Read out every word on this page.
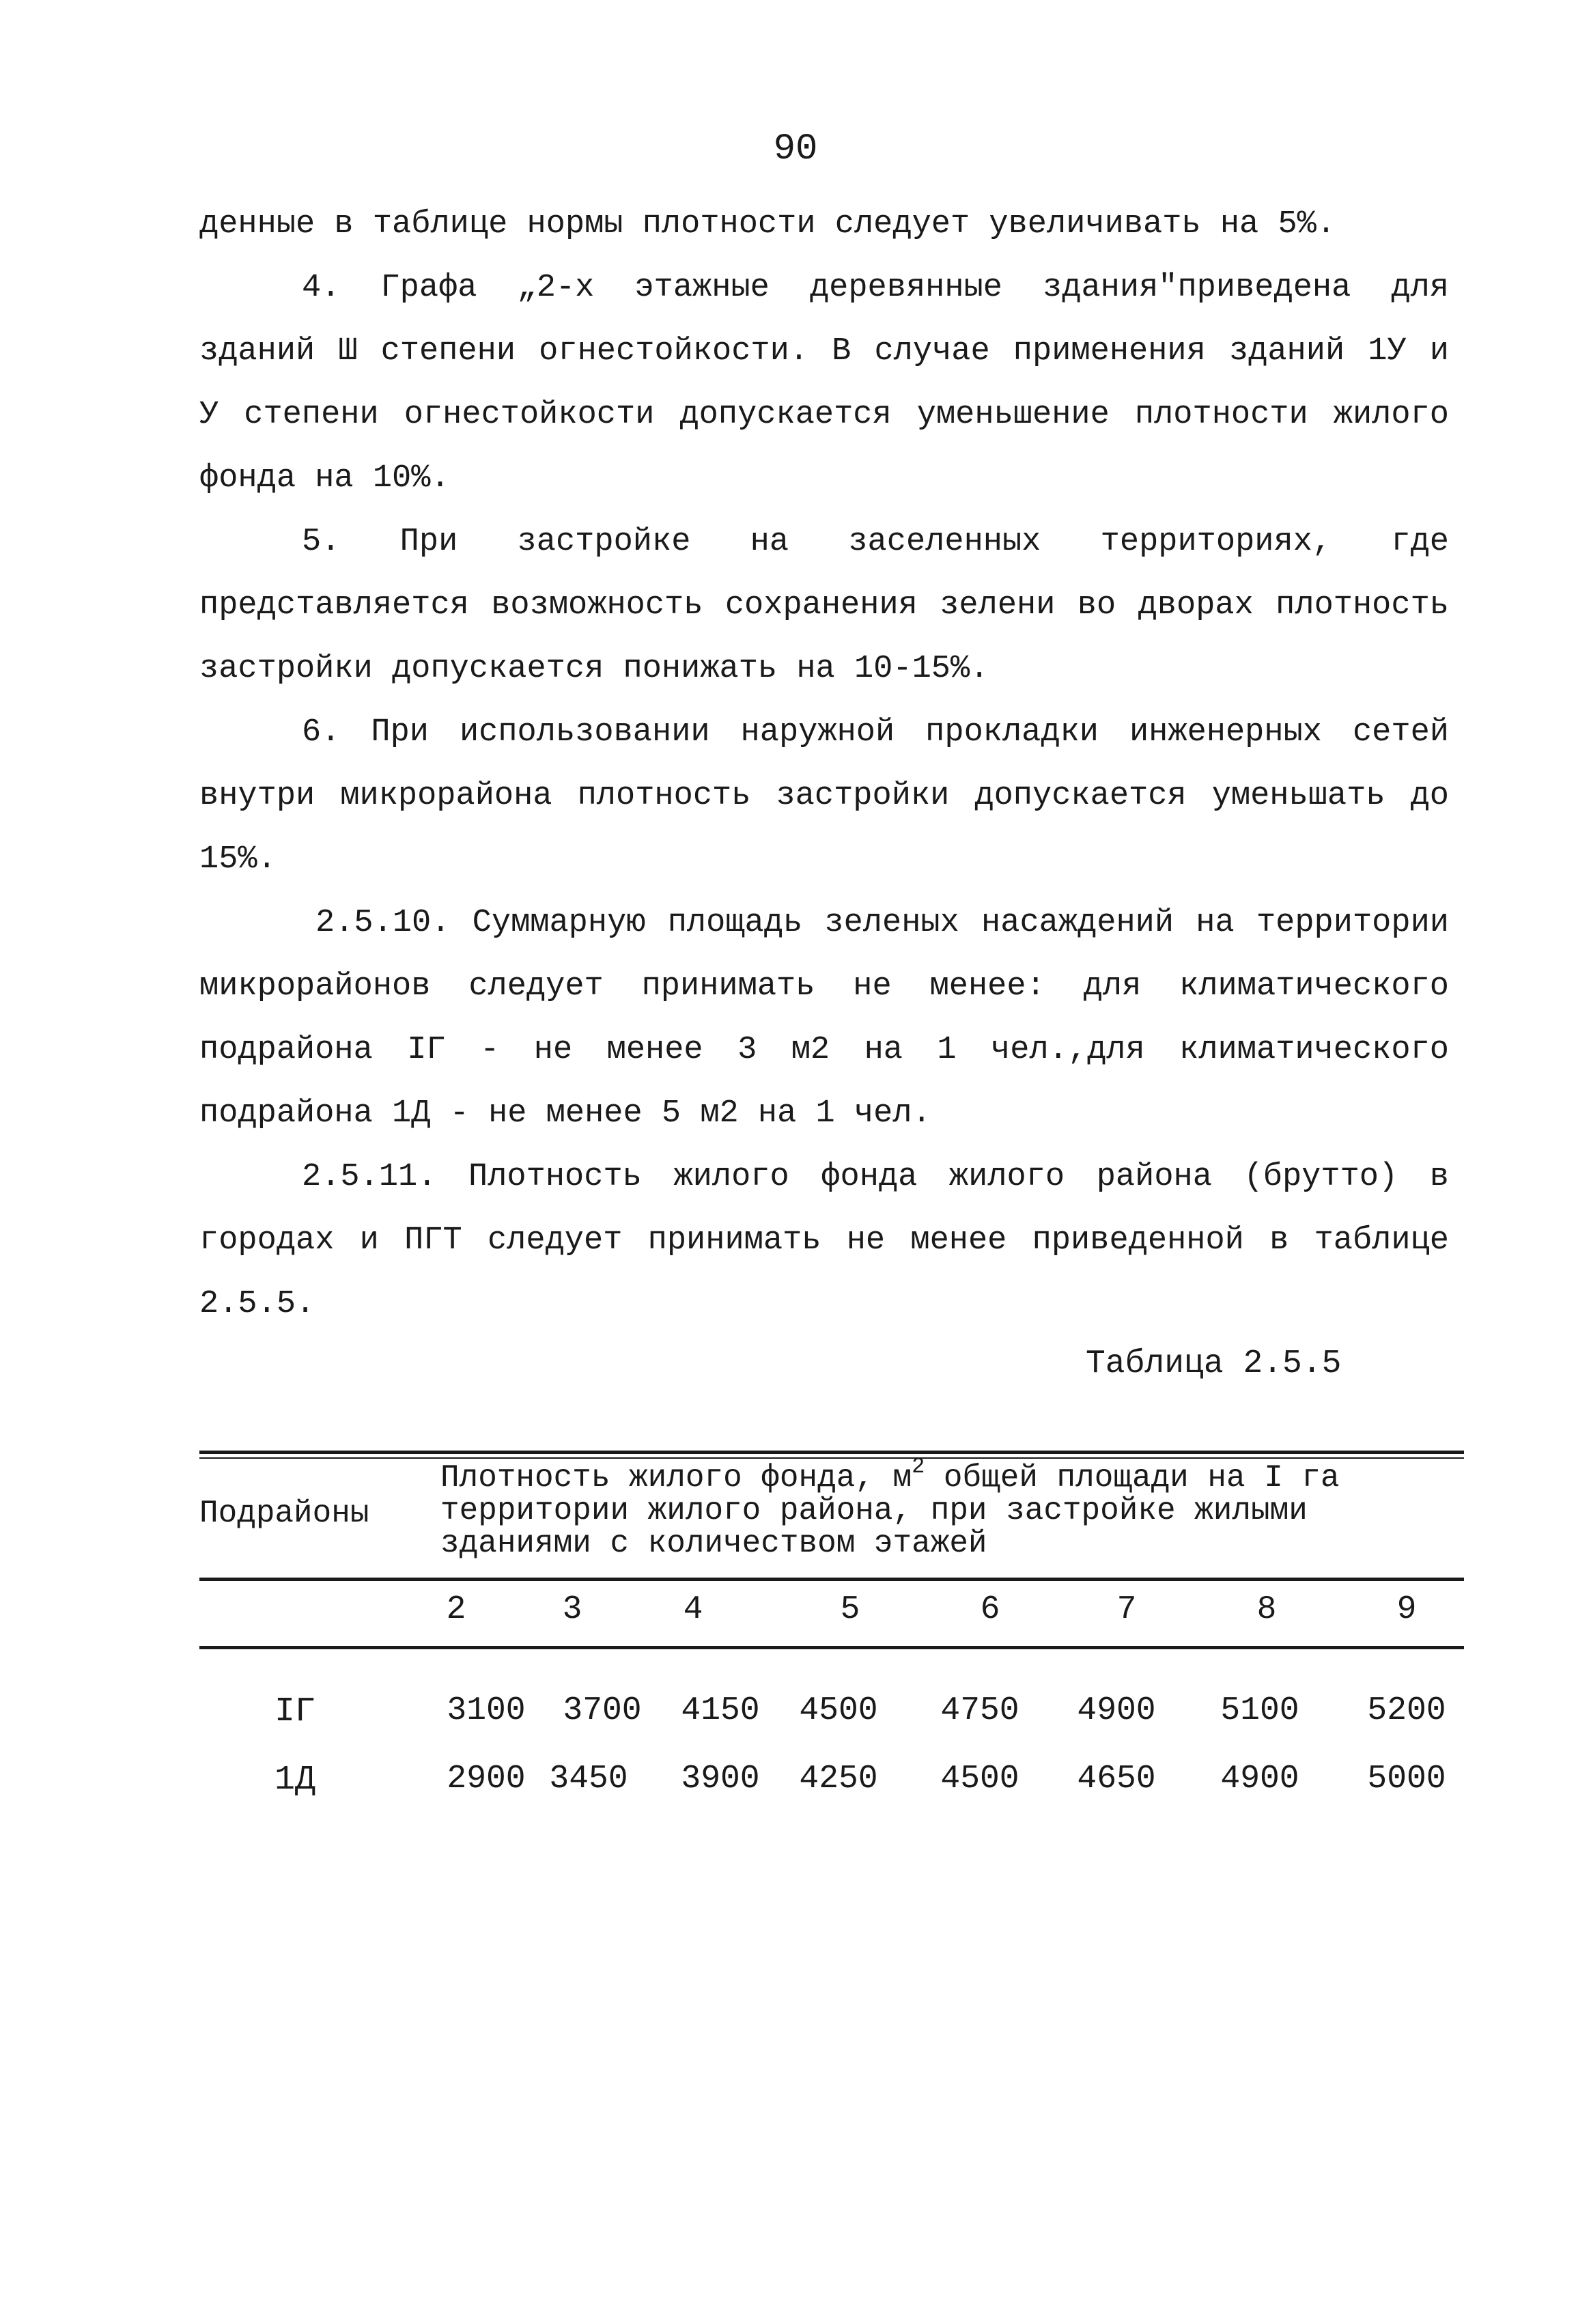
90

денные в таблице нормы плотности следует увеличивать на 5%.

4. Графа „2-х этажные деревянные здания"приведена для зданий Ш степени огнестойкости. В случае применения зданий 1У и У степени огнестойкости допускается уменьшение плотности жилого фонда на 10%.

5. При застройке на заселенных территориях, где представляется возможность сохранения зелени во дворах плотность застройки допускается понижать на 10-15%.

6. При использовании наружной прокладки инженерных сетей внутри микрорайона плотность застройки допускается уменьшать до 15%.

2.5.10. Суммарную площадь зеленых насаждений на территории микрорайонов следует принимать не менее: для климатического подрайона IГ - не менее 3 м2 на 1 чел.,для климатического подрайона 1Д - не менее 5 м2 на 1 чел.

2.5.11. Плотность жилого фонда жилого района (брутто) в городах и ПГТ следует принимать не менее приведенной в таблице 2.5.5.

Таблица 2.5.5
Подрайоны
Плотность жилого фонда, $м^2$ общей площади на I га территории жилого района, при застройке жилыми зданиями с количеством этажей
2	3	4	5	6	7	8	9
IГ	3100	3700	4150	4500	4750	4900	5100	5200
1Д	2900 3450	3900	4250	4500	4650	4900	5000
